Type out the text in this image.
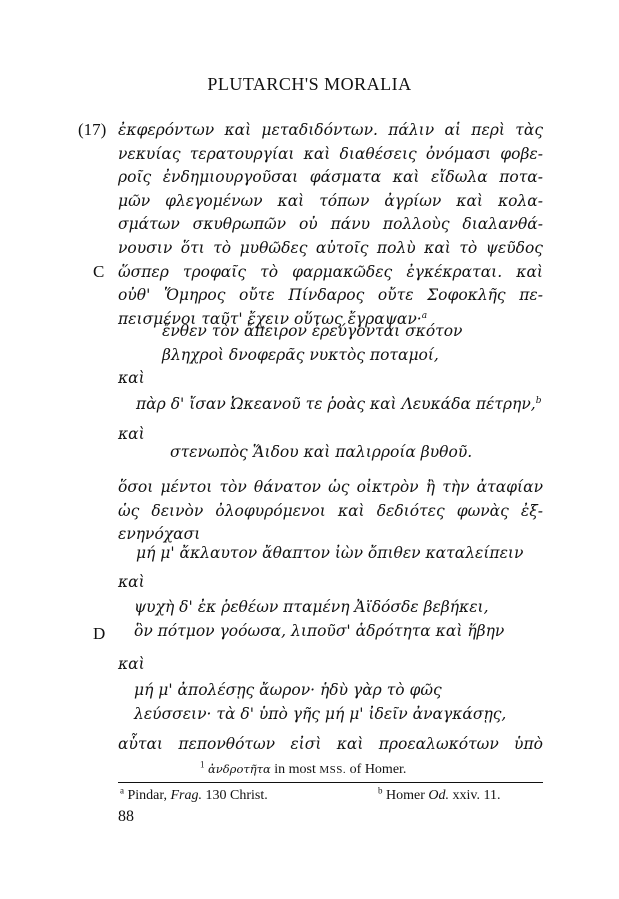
PLUTARCH'S MORALIA
(17)
C
D
ἐκφερόντων καὶ μεταδιδόντων. πάλιν αἱ περὶ τὰς
νεκυίας τερατουργίαι καὶ διαθέσεις ὀνόμασι φοβε-
ροῖς ἐνδημιουργοῦσαι φάσματα καὶ εἴδωλα ποτα-
μῶν φλεγομένων καὶ τόπων ἀγρίων καὶ κολα-
σμάτων σκυθρωπῶν οὐ πάνυ πολλοὺς διαλανθά-
νουσιν ὅτι τὸ μυθῶδες αὐτοῖς πολὺ καὶ τὸ ψεῦδος
ὥσπερ τροφαῖς τὸ φαρμακῶδες ἐγκέκραται. καὶ
οὐθ' Ὅμηρος οὔτε Πίνδαρος οὔτε Σοφοκλῆς πε-
πεισμένοι ταῦτ' ἔχειν οὕτως ἔγραψαν·$^a$
ἔνθεν τὸν ἄπειρον ἐρεύγονται σκότον
βληχροὶ δνοφερᾶς νυκτὸς ποταμοί,
καὶ
πὰρ δ' ἴσαν Ὠκεανοῦ τε ῥοὰς καὶ Λευκάδα πέτρην,$^b$
καὶ
στενωπὸς Ἅιδου καὶ παλιρροία βυθοῦ.
ὅσοι μέντοι τὸν θάνατον ὡς οἰκτρὸν ἢ τὴν ἀταφίαν
ὡς δεινὸν ὀλοφυρόμενοι καὶ δεδιότες φωνὰς ἐξ-
ενηνόχασι
μή μ' ἄκλαυτον ἄθαπτον ἰὼν ὄπιθεν καταλείπειν
καὶ
ψυχὴ δ' ἐκ ῥεθέων πταμένη Ἀϊδόσδε βεβήκει,
ὃν πότμον γοόωσα, λιποῦσ' ἁδρότητα καὶ ἥβην
καὶ
μή μ' ἀπολέσῃς ἄωρον· ἡδὺ γὰρ τὸ φῶς
λεύσσειν· τὰ δ' ὑπὸ γῆς μή μ' ἰδεῖν ἀναγκάσῃς,
αὗται πεπονθότων εἰσὶ καὶ προεαλωκότων ὑπὸ
$^1$ ἀνδροτῆτα in most MSS. of Homer.
$^a$ Pindar, Frag. 130 Christ.	$^b$ Homer Od. xxiv. 11.
88
